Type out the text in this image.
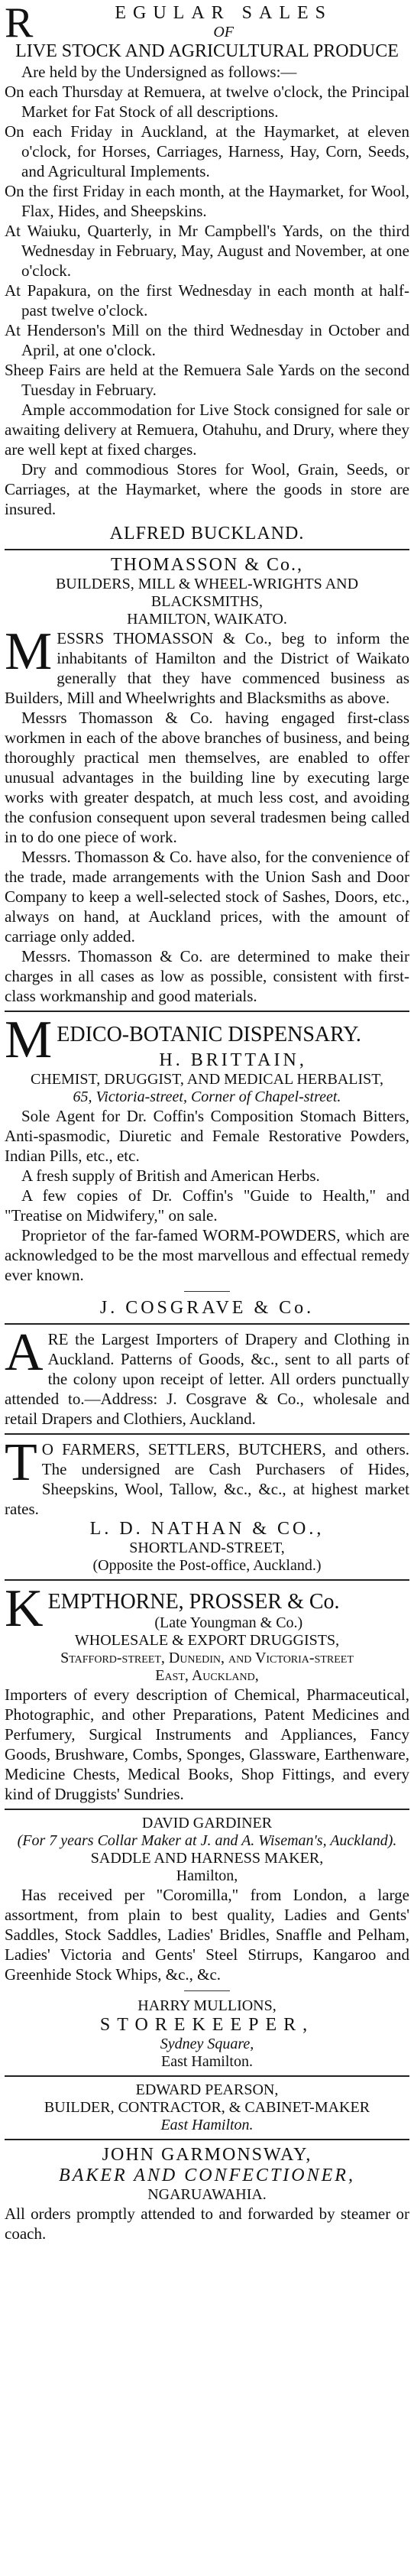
R	EGULAR SALES
OF
LIVE STOCK AND AGRICULTURAL PRODUCE

Are held by the Undersigned as follows:—

On each Thursday at Remuera, at twelve o'clock, the Principal Market for Fat Stock of all descriptions.

On each Friday in Auckland, at the Haymarket, at eleven o'clock, for Horses, Carriages, Harness, Hay, Corn, Seeds, and Agricultural Implements.

On the first Friday in each month, at the Haymarket, for Wool, Flax, Hides, and Sheepskins.

At Waiuku, Quarterly, in Mr Campbell's Yards, on the third Wednesday in February, May, August and November, at one o'clock.

At Papakura, on the first Wednesday in each month at half-past twelve o'clock.

At Henderson's Mill on the third Wednesday in October and April, at one o'clock.

Sheep Fairs are held at the Remuera Sale Yards on the second Tuesday in February.

Ample accommodation for Live Stock consigned for sale or awaiting delivery at Remuera, Otahuhu, and Drury, where they are well kept at fixed charges.

Dry and commodious Stores for Wool, Grain, Seeds, or Carriages, at the Haymarket, where the goods in store are insured.

ALFRED BUCKLAND.
THOMASSON & Co.,
BUILDERS, MILL & WHEEL-WRIGHTS AND BLACKSMITHS,
HAMILTON, WAIKATO.

MESSRS THOMASSON & Co., beg to inform the inhabitants of Hamilton and the District of Waikato generally that they have commenced business as Builders, Mill and Wheelwrights and Blacksmiths as above.

Messrs Thomasson & Co. having engaged first-class workmen in each of the above branches of business, and being thoroughly practical men themselves, are enabled to offer unusual advantages in the building line by executing large works with greater despatch, at much less cost, and avoiding the confusion consequent upon several tradesmen being called in to do one piece of work.

Messrs. Thomasson & Co. have also, for the convenience of the trade, made arrangements with the Union Sash and Door Company to keep a well-selected stock of Sashes, Doors, etc., always on hand, at Auckland prices, with the amount of carriage only added.

Messrs. Thomasson & Co. are determined to make their charges in all cases as low as possible, consistent with first-class workmanship and good materials.

M EDICO-BOTANIC DISPENSARY.
H. BRITTAIN,
CHEMIST, DRUGGIST, AND MEDICAL HERBALIST,
65, Victoria-street, Corner of Chapel-street.

Sole Agent for Dr. Coffin's Composition Stomach Bitters, Anti-spasmodic, Diuretic and Female Restorative Powders, Indian Pills, etc., etc.

A fresh supply of British and American Herbs.

A few copies of Dr. Coffin's "Guide to Health," and "Treatise on Midwifery," on sale.

Proprietor of the far-famed WORM-POWDERS, which are acknowledged to be the most marvellous and effectual remedy ever known.

J. COSGRAVE & Co.

ARE the Largest Importers of Drapery and Clothing in Auckland. Patterns of Goods, &c., sent to all parts of the colony upon receipt of letter. All orders punctually attended to.—Address: J. Cosgrave & Co., wholesale and retail Drapers and Clothiers, Auckland.

T O FARMERS, SETTLERS, BUTCHERS, and others. The undersigned are Cash Purchasers of Hides, Sheepskins, Wool, Tallow, &c., &c., at highest market rates.

L. D. NATHAN & CO.,
SHORTLAND-STREET,
(Opposite the Post-office, Auckland.)
K EMPTHORNE, PROSSER & Co.
(Late Youngman & Co.)
WHOLESALE & EXPORT DRUGGISTS,
Stafford-street, Dunedin, and Victoria-street
East, Auckland,

Importers of every description of Chemical, Pharmaceutical, Photographic, and other Preparations, Patent Medicines and Perfumery, Surgical Instruments and Appliances, Fancy Goods, Brushware, Combs, Sponges, Glassware, Earthenware, Medicine Chests, Medical Books, Shop Fittings, and every kind of Druggists' Sundries.

DAVID GARDINER
(For 7 years Collar Maker at J. and A. Wiseman's, Auckland).
SADDLE AND HARNESS MAKER,
Hamilton,

Has received per "Coromilla," from London, a large assortment, from plain to best quality, Ladies and Gents' Saddles, Stock Saddles, Ladies' Bridles, Snaffle and Pelham, Ladies' Victoria and Gents' Steel Stirrups, Kangaroo and Greenhide Stock Whips, &c., &c.

HARRY MULLIONS,
STOREKEEPER,
Sydney Square,
East Hamilton.
EDWARD PEARSON,
BUILDER, CONTRACTOR, & CABINET-MAKER
East Hamilton.
JOHN GARMONSWAY,
BAKER AND CONFECTIONER,
NGARUAWAHIA.

All orders promptly attended to and forwarded by steamer or coach.
